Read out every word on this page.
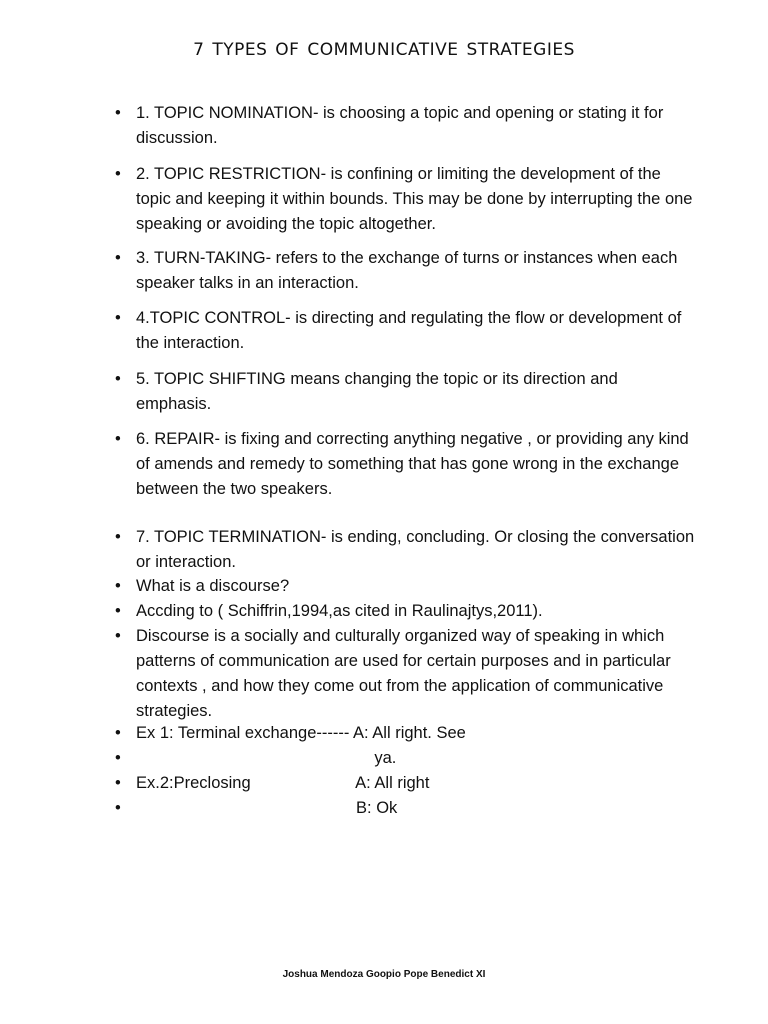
7 TYPES OF COMMUNICATIVE STRATEGIES
• 1. TOPIC NOMINATION- is choosing a topic and opening or stating it for discussion.
• 2. TOPIC RESTRICTION- is confining or limiting the development of the topic and keeping it within bounds. This may be done by interrupting the one speaking or avoiding the topic altogether.
• 3. TURN-TAKING- refers to the exchange of turns or instances when each speaker talks in an interaction.
• 4.TOPIC CONTROL- is directing and regulating the flow or development of the interaction.
• 5. TOPIC SHIFTING means changing the topic or its direction and emphasis.
• 6. REPAIR- is fixing and correcting anything negative , or providing any kind of amends and remedy to something that has gone wrong in the exchange between the two speakers.
• 7. TOPIC TERMINATION- is ending, concluding. Or closing the conversation or interaction.
• What is a discourse?
• Accding to ( Schiffrin,1994,as cited in Raulinajtys,2011).
• Discourse is a socially and culturally organized way of speaking in which patterns of communication are used for certain purposes and in particular contexts , and how they come out from the application of communicative strategies.
• Ex 1: Terminal exchange------ A: All right. See
•                                                     ya.
• Ex.2:Preclosing                       A: All right
•                                                 B: Ok
Joshua Mendoza Goopio Pope Benedict XI
